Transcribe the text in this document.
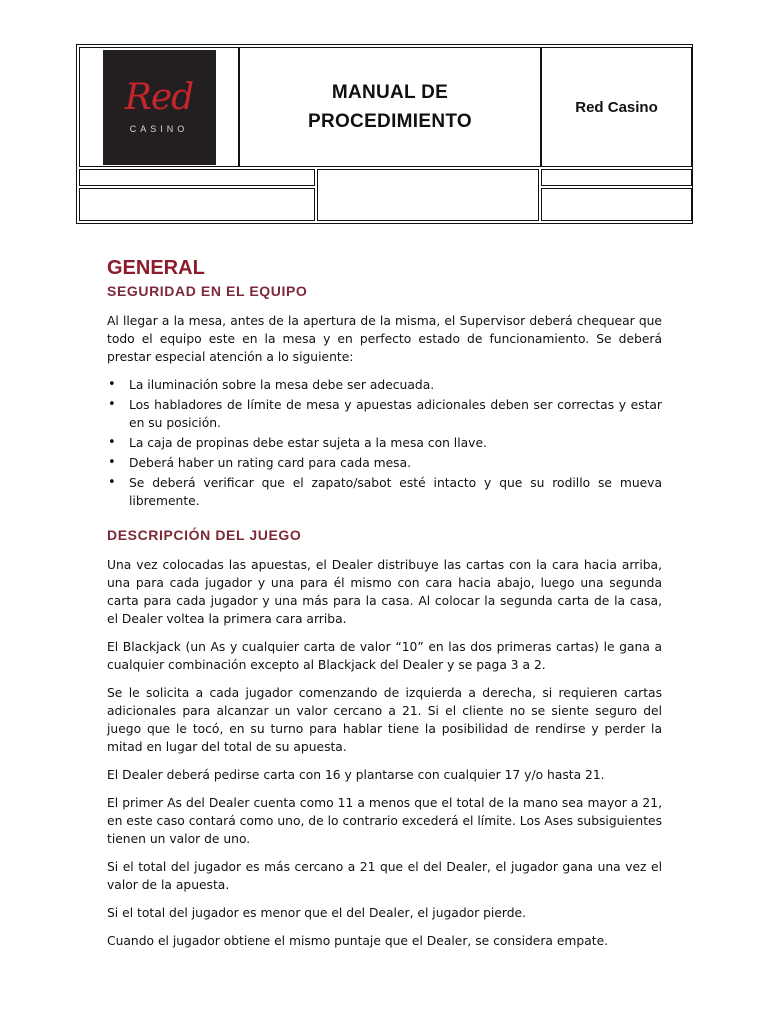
Red
CASINO
MANUAL DE PROCEDIMIENTO
Red Casino
GENERAL
SEGURIDAD EN EL EQUIPO

Al llegar a la mesa, antes de la apertura de la misma, el Supervisor deberá chequear que todo el equipo este en la mesa y en perfecto estado de funcionamiento. Se deberá prestar especial atención a lo siguiente:

• La iluminación sobre la mesa debe ser adecuada.
• Los habladores de límite de mesa y apuestas adicionales deben ser correctas y estar en su posición.
• La caja de propinas debe estar sujeta a la mesa con llave.
• Deberá haber un rating card para cada mesa.
• Se deberá verificar que el zapato/sabot esté intacto y que su rodillo se mueva libremente.
DESCRIPCIÓN DEL JUEGO

Una vez colocadas las apuestas, el Dealer distribuye las cartas con la cara hacia arriba, una para cada jugador y una para él mismo con cara hacia abajo, luego una segunda carta para cada jugador y una más para la casa. Al colocar la segunda carta de la casa, el Dealer voltea la primera cara arriba.

El Blackjack (un As y cualquier carta de valor “10” en las dos primeras cartas) le gana a cualquier combinación excepto al Blackjack del Dealer y se paga 3 a 2.

Se le solicita a cada jugador comenzando de izquierda a derecha, si requieren cartas adicionales para alcanzar un valor cercano a 21. Si el cliente no se siente seguro del juego que le tocó, en su turno para hablar tiene la posibilidad de rendirse y perder la mitad en lugar del total de su apuesta.

El Dealer deberá pedirse carta con 16 y plantarse con cualquier 17 y/o hasta 21.

El primer As del Dealer cuenta como 11 a menos que el total de la mano sea mayor a 21, en este caso contará como uno, de lo contrario excederá el límite. Los Ases subsiguientes tienen un valor de uno.

Si el total del jugador es más cercano a 21 que el del Dealer, el jugador gana una vez el valor de la apuesta.

Si el total del jugador es menor que el del Dealer, el jugador pierde.

Cuando el jugador obtiene el mismo puntaje que el Dealer, se considera empate.
